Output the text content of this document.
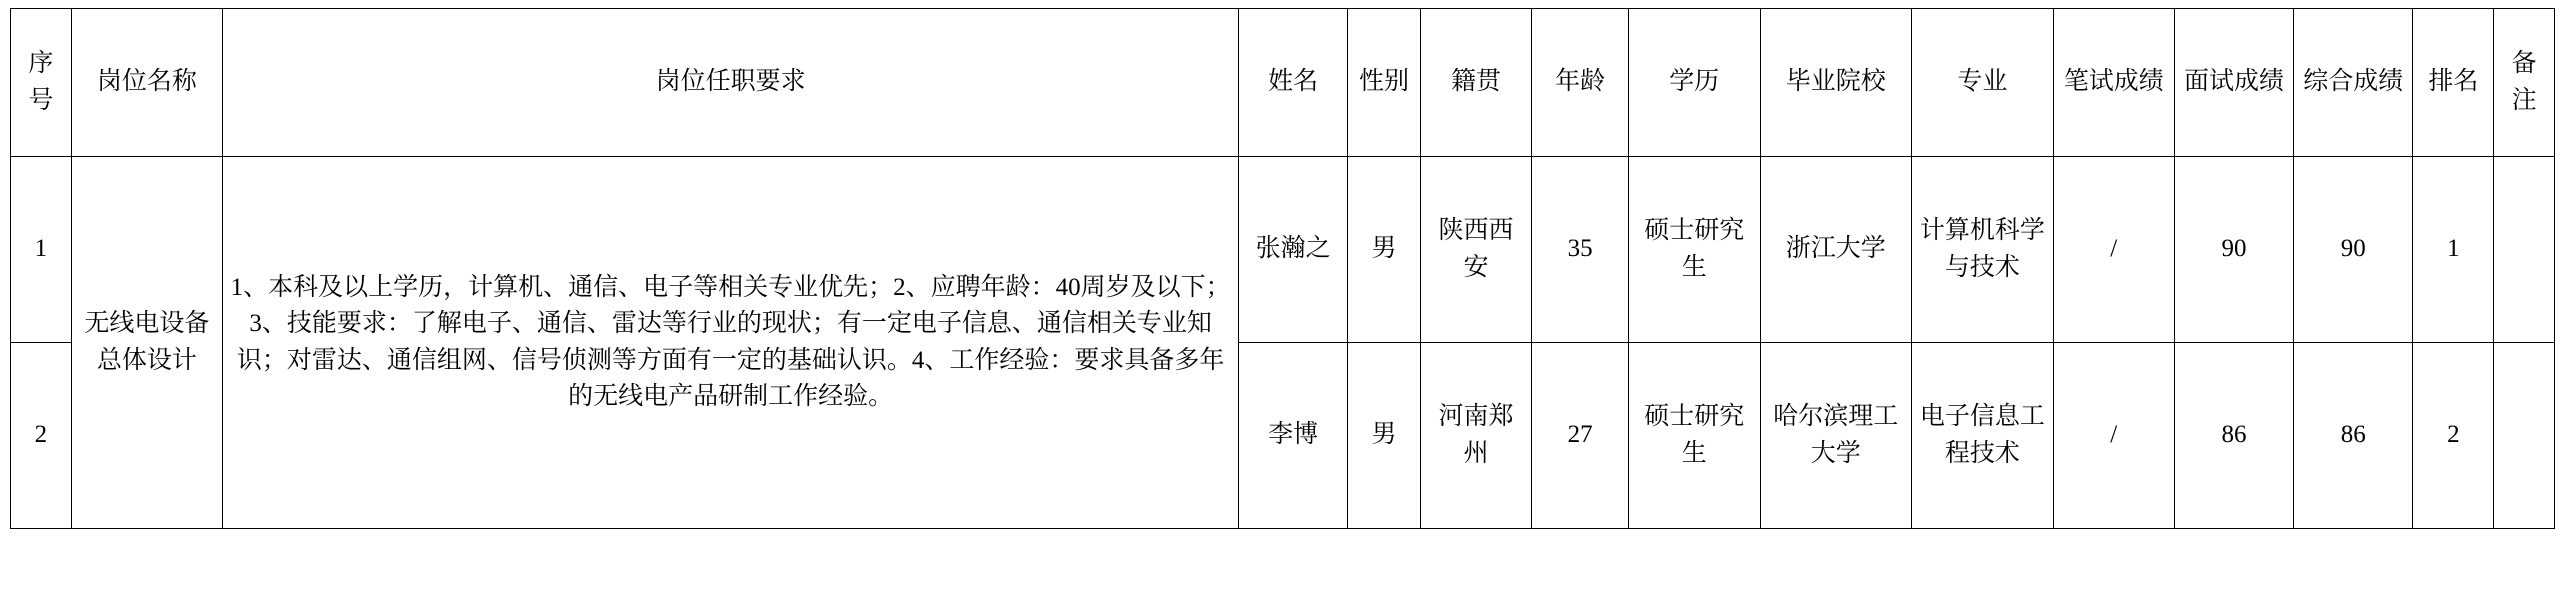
序号	岗位名称	岗位任职要求	姓名	性别	籍贯	年龄	学历	毕业院校	专业	笔试成绩	面试成绩	综合成绩	排名	备注
1	无线电设备总体设计	1、本科及以上学历，计算机、通信、电子等相关专业优先；2、应聘年龄：40周岁及以下；3、技能要求：了解电子、通信、雷达等行业的现状；有一定电子信息、通信相关专业知识；对雷达、通信组网、信号侦测等方面有一定的基础认识。4、工作经验：要求具备多年的无线电产品研制工作经验。	张瀚之	男	陕西西安	35	硕士研究生	浙江大学	计算机科学与技术	/	90	90	1	
2			李博	男	河南郑州	27	硕士研究生	哈尔滨理工大学	电子信息工程技术	/	86	86	2	
